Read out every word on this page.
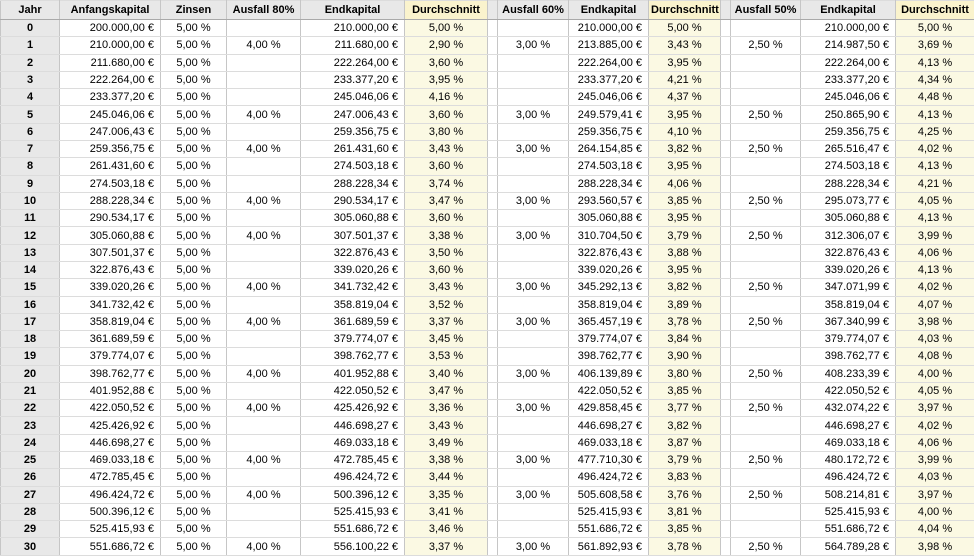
Jahr	Anfangskapital	Zinsen	Ausfall 80%	Endkapital	Durchschnitt		Ausfall 60%	Endkapital	Durchschnitt		Ausfall 50%	Endkapital	Durchschnitt
0	200.000,00 €	5,00 %		210.000,00 €	5,00 %			210.000,00 €	5,00 %			210.000,00 €	5,00 %
1	210.000,00 €	5,00 %	4,00 %	211.680,00 €	2,90 %		3,00 %	213.885,00 €	3,43 %		2,50 %	214.987,50 €	3,69 %
2	211.680,00 €	5,00 %		222.264,00 €	3,60 %			222.264,00 €	3,95 %			222.264,00 €	4,13 %
3	222.264,00 €	5,00 %		233.377,20 €	3,95 %			233.377,20 €	4,21 %			233.377,20 €	4,34 %
4	233.377,20 €	5,00 %		245.046,06 €	4,16 %			245.046,06 €	4,37 %			245.046,06 €	4,48 %
5	245.046,06 €	5,00 %	4,00 %	247.006,43 €	3,60 %		3,00 %	249.579,41 €	3,95 %		2,50 %	250.865,90 €	4,13 %
6	247.006,43 €	5,00 %		259.356,75 €	3,80 %			259.356,75 €	4,10 %			259.356,75 €	4,25 %
7	259.356,75 €	5,00 %	4,00 %	261.431,60 €	3,43 %		3,00 %	264.154,85 €	3,82 %		2,50 %	265.516,47 €	4,02 %
8	261.431,60 €	5,00 %		274.503,18 €	3,60 %			274.503,18 €	3,95 %			274.503,18 €	4,13 %
9	274.503,18 €	5,00 %		288.228,34 €	3,74 %			288.228,34 €	4,06 %			288.228,34 €	4,21 %
10	288.228,34 €	5,00 %	4,00 %	290.534,17 €	3,47 %		3,00 %	293.560,57 €	3,85 %		2,50 %	295.073,77 €	4,05 %
11	290.534,17 €	5,00 %		305.060,88 €	3,60 %			305.060,88 €	3,95 %			305.060,88 €	4,13 %
12	305.060,88 €	5,00 %	4,00 %	307.501,37 €	3,38 %		3,00 %	310.704,50 €	3,79 %		2,50 %	312.306,07 €	3,99 %
13	307.501,37 €	5,00 %		322.876,43 €	3,50 %			322.876,43 €	3,88 %			322.876,43 €	4,06 %
14	322.876,43 €	5,00 %		339.020,26 €	3,60 %			339.020,26 €	3,95 %			339.020,26 €	4,13 %
15	339.020,26 €	5,00 %	4,00 %	341.732,42 €	3,43 %		3,00 %	345.292,13 €	3,82 %		2,50 %	347.071,99 €	4,02 %
16	341.732,42 €	5,00 %		358.819,04 €	3,52 %			358.819,04 €	3,89 %			358.819,04 €	4,07 %
17	358.819,04 €	5,00 %	4,00 %	361.689,59 €	3,37 %		3,00 %	365.457,19 €	3,78 %		2,50 %	367.340,99 €	3,98 %
18	361.689,59 €	5,00 %		379.774,07 €	3,45 %			379.774,07 €	3,84 %			379.774,07 €	4,03 %
19	379.774,07 €	5,00 %		398.762,77 €	3,53 %			398.762,77 €	3,90 %			398.762,77 €	4,08 %
20	398.762,77 €	5,00 %	4,00 %	401.952,88 €	3,40 %		3,00 %	406.139,89 €	3,80 %		2,50 %	408.233,39 €	4,00 %
21	401.952,88 €	5,00 %		422.050,52 €	3,47 %			422.050,52 €	3,85 %			422.050,52 €	4,05 %
22	422.050,52 €	5,00 %	4,00 %	425.426,92 €	3,36 %		3,00 %	429.858,45 €	3,77 %		2,50 %	432.074,22 €	3,97 %
23	425.426,92 €	5,00 %		446.698,27 €	3,43 %			446.698,27 €	3,82 %			446.698,27 €	4,02 %
24	446.698,27 €	5,00 %		469.033,18 €	3,49 %			469.033,18 €	3,87 %			469.033,18 €	4,06 %
25	469.033,18 €	5,00 %	4,00 %	472.785,45 €	3,38 %		3,00 %	477.710,30 €	3,79 %		2,50 %	480.172,72 €	3,99 %
26	472.785,45 €	5,00 %		496.424,72 €	3,44 %			496.424,72 €	3,83 %			496.424,72 €	4,03 %
27	496.424,72 €	5,00 %	4,00 %	500.396,12 €	3,35 %		3,00 %	505.608,58 €	3,76 %		2,50 %	508.214,81 €	3,97 %
28	500.396,12 €	5,00 %		525.415,93 €	3,41 %			525.415,93 €	3,81 %			525.415,93 €	4,00 %
29	525.415,93 €	5,00 %		551.686,72 €	3,46 %			551.686,72 €	3,85 %			551.686,72 €	4,04 %
30	551.686,72 €	5,00 %	4,00 %	556.100,22 €	3,37 %		3,00 %	561.892,93 €	3,78 %		2,50 %	564.789,28 €	3,98 %
